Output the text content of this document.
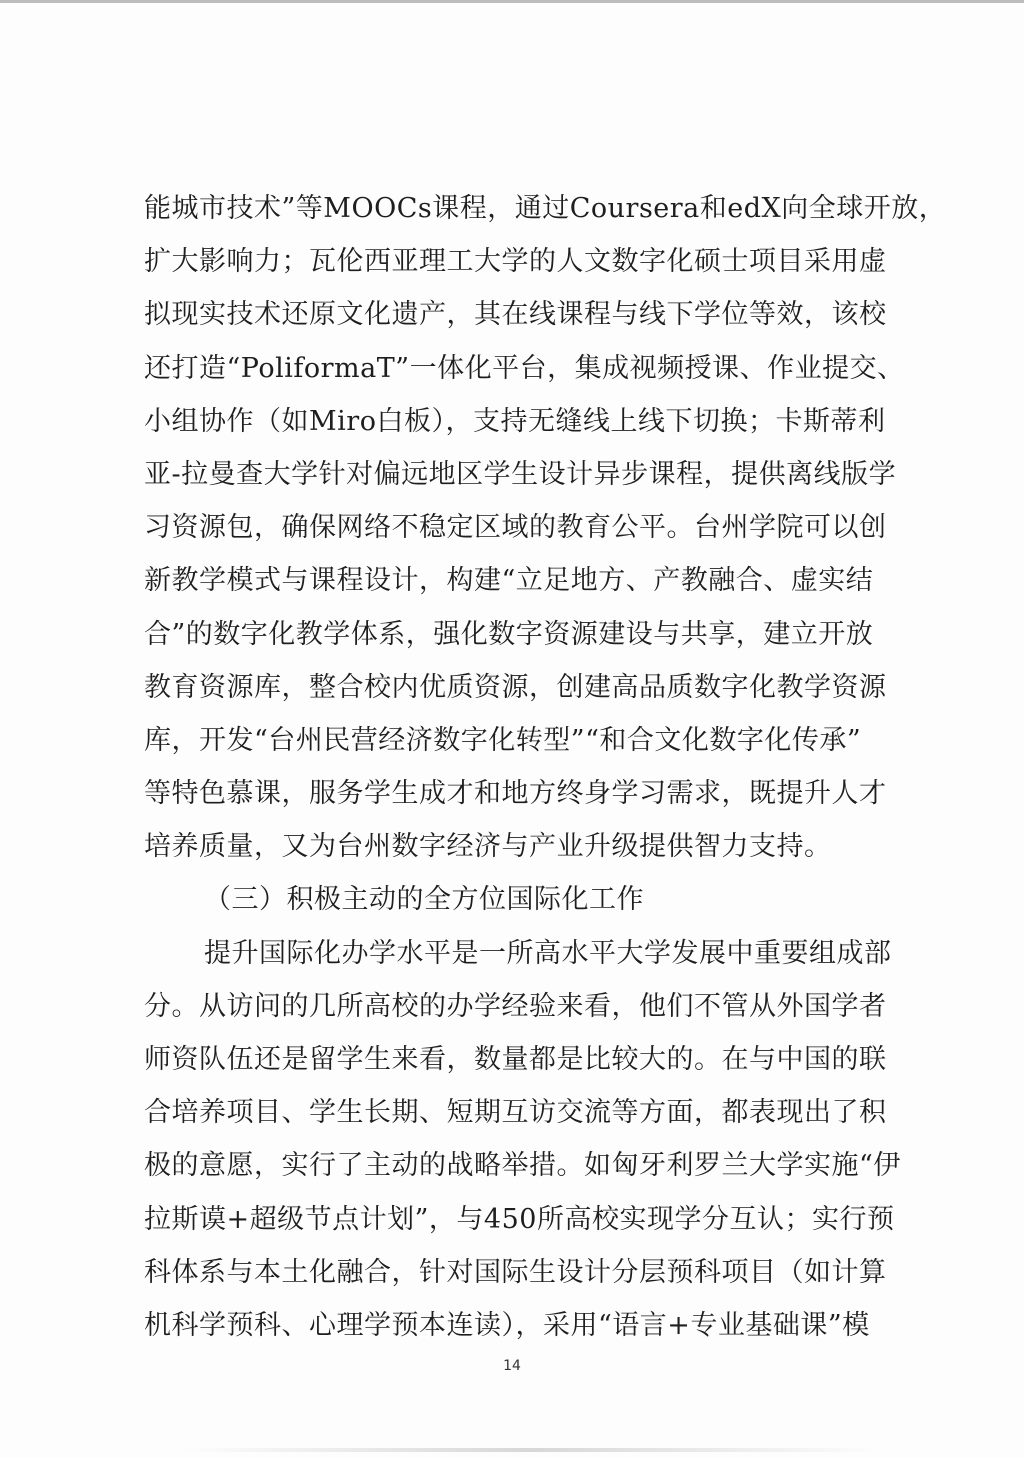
能城市技术”等MOOCs课程，通过Coursera和edX向全球开放，
扩大影响力；瓦伦西亚理工大学的人文数字化硕士项目采用虚
拟现实技术还原文化遗产，其在线课程与线下学位等效，该校
还打造“PoliformaT”一体化平台，集成视频授课、作业提交、
小组协作（如Miro白板），支持无缝线上线下切换；卡斯蒂利
亚-拉曼查大学针对偏远地区学生设计异步课程，提供离线版学
习资源包，确保网络不稳定区域的教育公平。台州学院可以创
新教学模式与课程设计，构建“立足地方、产教融合、虚实结
合”的数字化教学体系，强化数字资源建设与共享，建立开放
教育资源库，整合校内优质资源，创建高品质数字化教学资源
库，开发“台州民营经济数字化转型”“和合文化数字化传承”
等特色慕课，服务学生成才和地方终身学习需求，既提升人才
培养质量，又为台州数字经济与产业升级提供智力支持。
（三）积极主动的全方位国际化工作
提升国际化办学水平是一所高水平大学发展中重要组成部
分。从访问的几所高校的办学经验来看，他们不管从外国学者
师资队伍还是留学生来看，数量都是比较大的。在与中国的联
合培养项目、学生长期、短期互访交流等方面，都表现出了积
极的意愿，实行了主动的战略举措。如匈牙利罗兰大学实施“伊
拉斯谟+超级节点计划”，与450所高校实现学分互认；实行预
科体系与本土化融合，针对国际生设计分层预科项目（如计算
机科学预科、心理学预本连读），采用“语言+专业基础课”模
14
